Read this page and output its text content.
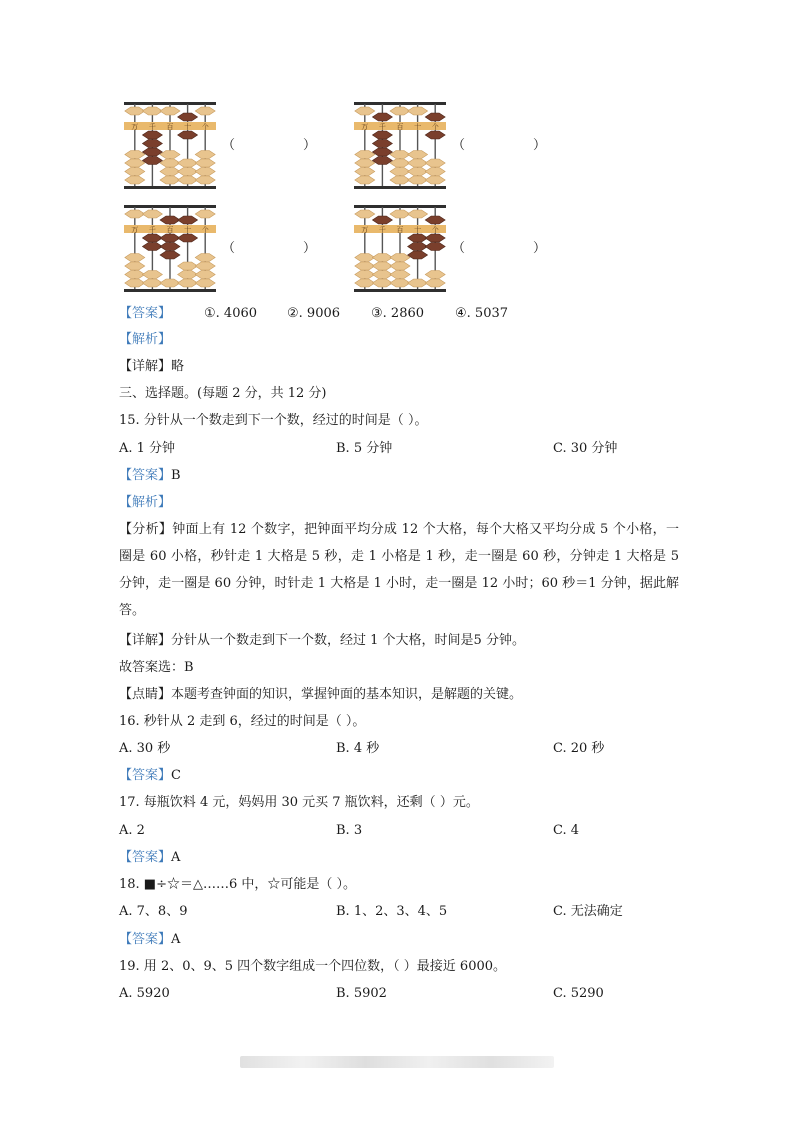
万 千 百 十 个
（	）
万 千 百 十 个
（	）
万 千 百 十 个
（	）
万 千 百 十 个
（	）
【答案】	①. 4060 ②. 9006 ③. 2860 ④. 5037
【解析】
【详解】略
三、选择题。(每题 2 分，共 12 分)
15. 分针从一个数走到下一个数，经过的时间是（ ）。
A. 1 分钟	B. 5 分钟	C. 30 分钟
【答案】B
【解析】
【分析】钟面上有 12 个数字，把钟面平均分成 12 个大格，每个大格又平均分成 5 个小格，一圈是 60 小格，秒针走 1 大格是 5 秒，走 1 小格是 1 秒，走一圈是 60 秒，分钟走 1 大格是 5 分钟，走一圈是 60 分钟，时针走 1 大格是 1 小时，走一圈是 12 小时；60 秒＝1 分钟，据此解答。
【详解】分针从一个数走到下一个数，经过 1 个大格，时间是5 分钟。
故答案选：B
【点睛】本题考查钟面的知识，掌握钟面的基本知识，是解题的关键。
16. 秒针从 2 走到 6，经过的时间是（ ）。
A. 30 秒	B. 4 秒	C. 20 秒
【答案】C
17. 每瓶饮料 4 元，妈妈用 30 元买 7 瓶饮料，还剩（ ）元。
A. 2	B. 3	C. 4
【答案】A
18. ■÷☆＝△……6 中，☆可能是（ ）。
A. 7、8、9	B. 1、2、3、4、5	C. 无法确定
【答案】A
19. 用 2、0、9、5 四个数字组成一个四位数，（ ）最接近 6000。
A. 5920	B. 5902	C. 5290
